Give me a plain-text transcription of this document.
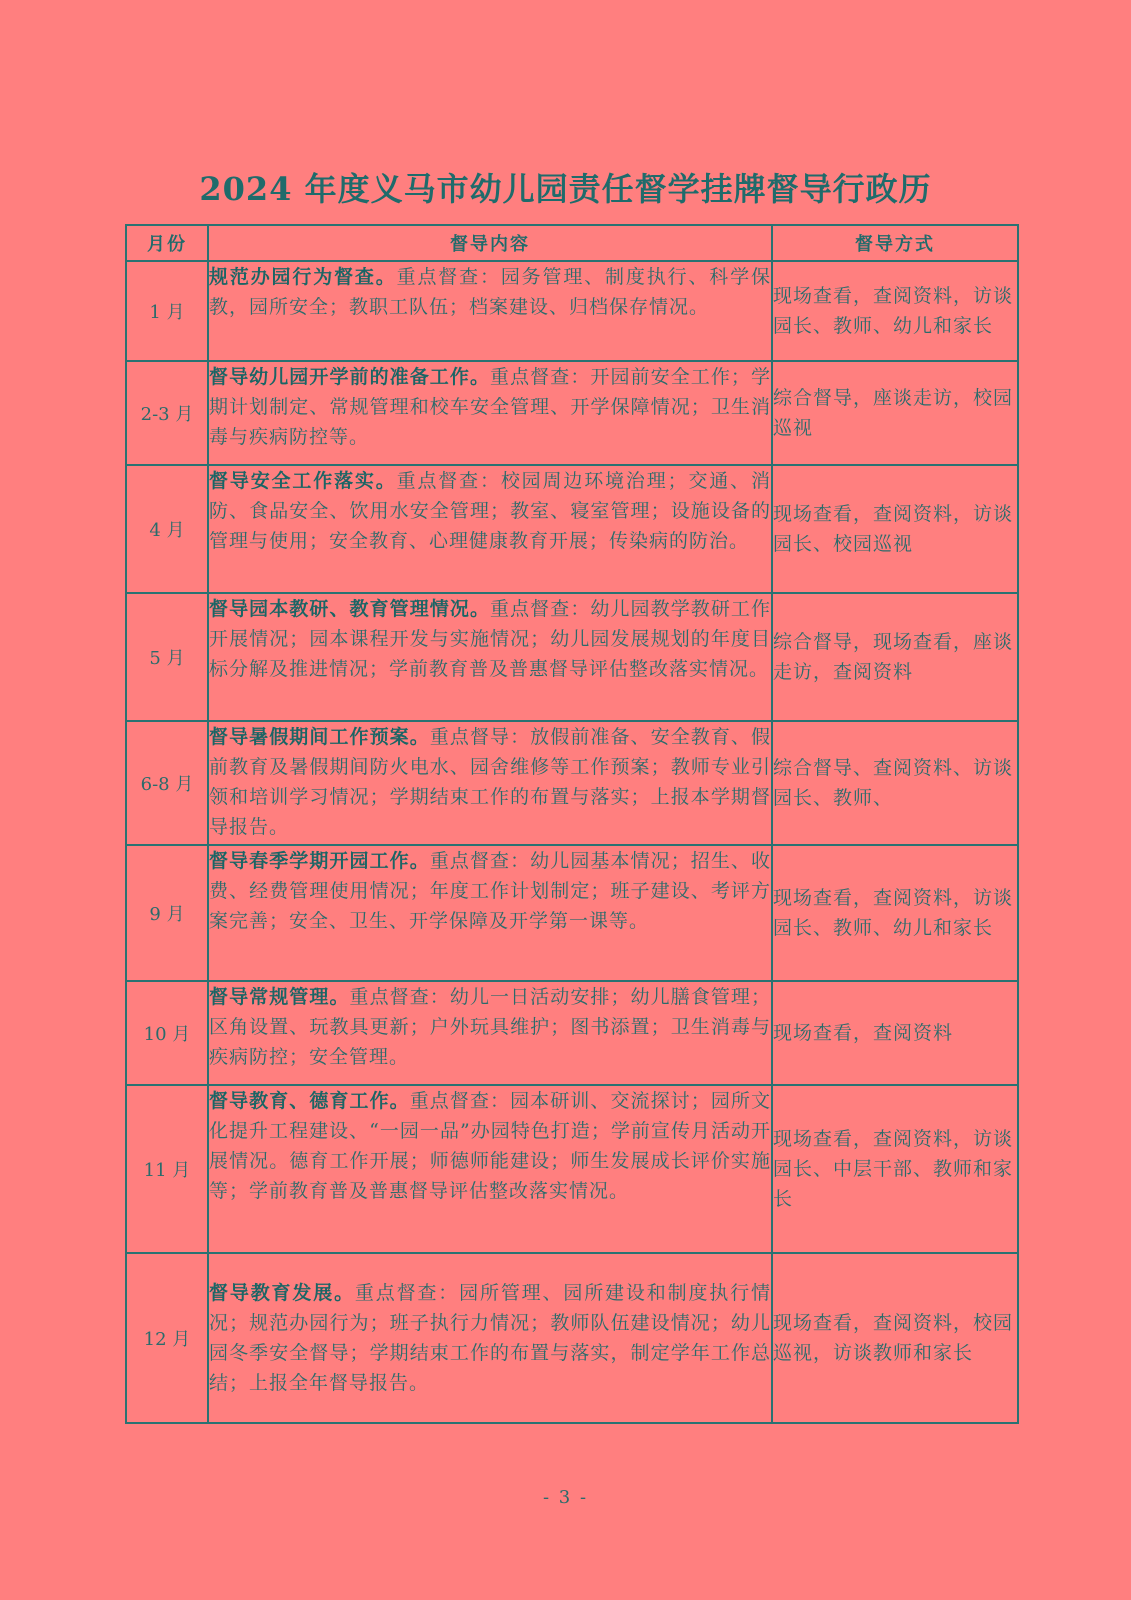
2024 年度义马市幼儿园责任督学挂牌督导行政历
月份	督导内容	督导方式
1 月	规范办园行为督查。重点督查：园务管理、制度执行、科学保教，园所安全；教职工队伍；档案建设、归档保存情况。	现场查看，查阅资料，访谈园长、教师、幼儿和家长
2-3 月	督导幼儿园开学前的准备工作。重点督查：开园前安全工作；学期计划制定、常规管理和校车安全管理、开学保障情况；卫生消毒与疾病防控等。	综合督导，座谈走访，校园巡视
4 月	督导安全工作落实。重点督查：校园周边环境治理；交通、消防、食品安全、饮用水安全管理；教室、寝室管理；设施设备的管理与使用；安全教育、心理健康教育开展；传染病的防治。	现场查看，查阅资料，访谈园长、校园巡视
5 月	督导园本教研、教育管理情况。重点督查：幼儿园教学教研工作开展情况；园本课程开发与实施情况；幼儿园发展规划的年度目标分解及推进情况；学前教育普及普惠督导评估整改落实情况。	综合督导，现场查看，座谈走访，查阅资料
6-8 月	督导暑假期间工作预案。重点督导：放假前准备、安全教育、假前教育及暑假期间防火电水、园舍维修等工作预案；教师专业引领和培训学习情况；学期结束工作的布置与落实；上报本学期督导报告。	综合督导、查阅资料、访谈园长、教师、
9 月	督导春季学期开园工作。重点督查：幼儿园基本情况；招生、收费、经费管理使用情况；年度工作计划制定；班子建设、考评方案完善；安全、卫生、开学保障及开学第一课等。	现场查看，查阅资料，访谈园长、教师、幼儿和家长
10 月	督导常规管理。重点督查：幼儿一日活动安排；幼儿膳食管理；区角设置、玩教具更新；户外玩具维护；图书添置；卫生消毒与疾病防控；安全管理。	现场查看，查阅资料
11 月	督导教育、德育工作。重点督查：园本研训、交流探讨；园所文化提升工程建设、“一园一品”办园特色打造；学前宣传月活动开展情况。德育工作开展；师德师能建设；师生发展成长评价实施等；学前教育普及普惠督导评估整改落实情况。	现场查看，查阅资料，访谈园长、中层干部、教师和家长
12 月	督导教育发展。重点督查：园所管理、园所建设和制度执行情况；规范办园行为；班子执行力情况；教师队伍建设情况；幼儿园冬季安全督导；学期结束工作的布置与落实，制定学年工作总结；上报全年督导报告。	现场查看，查阅资料，校园巡视，访谈教师和家长
- 3 -
